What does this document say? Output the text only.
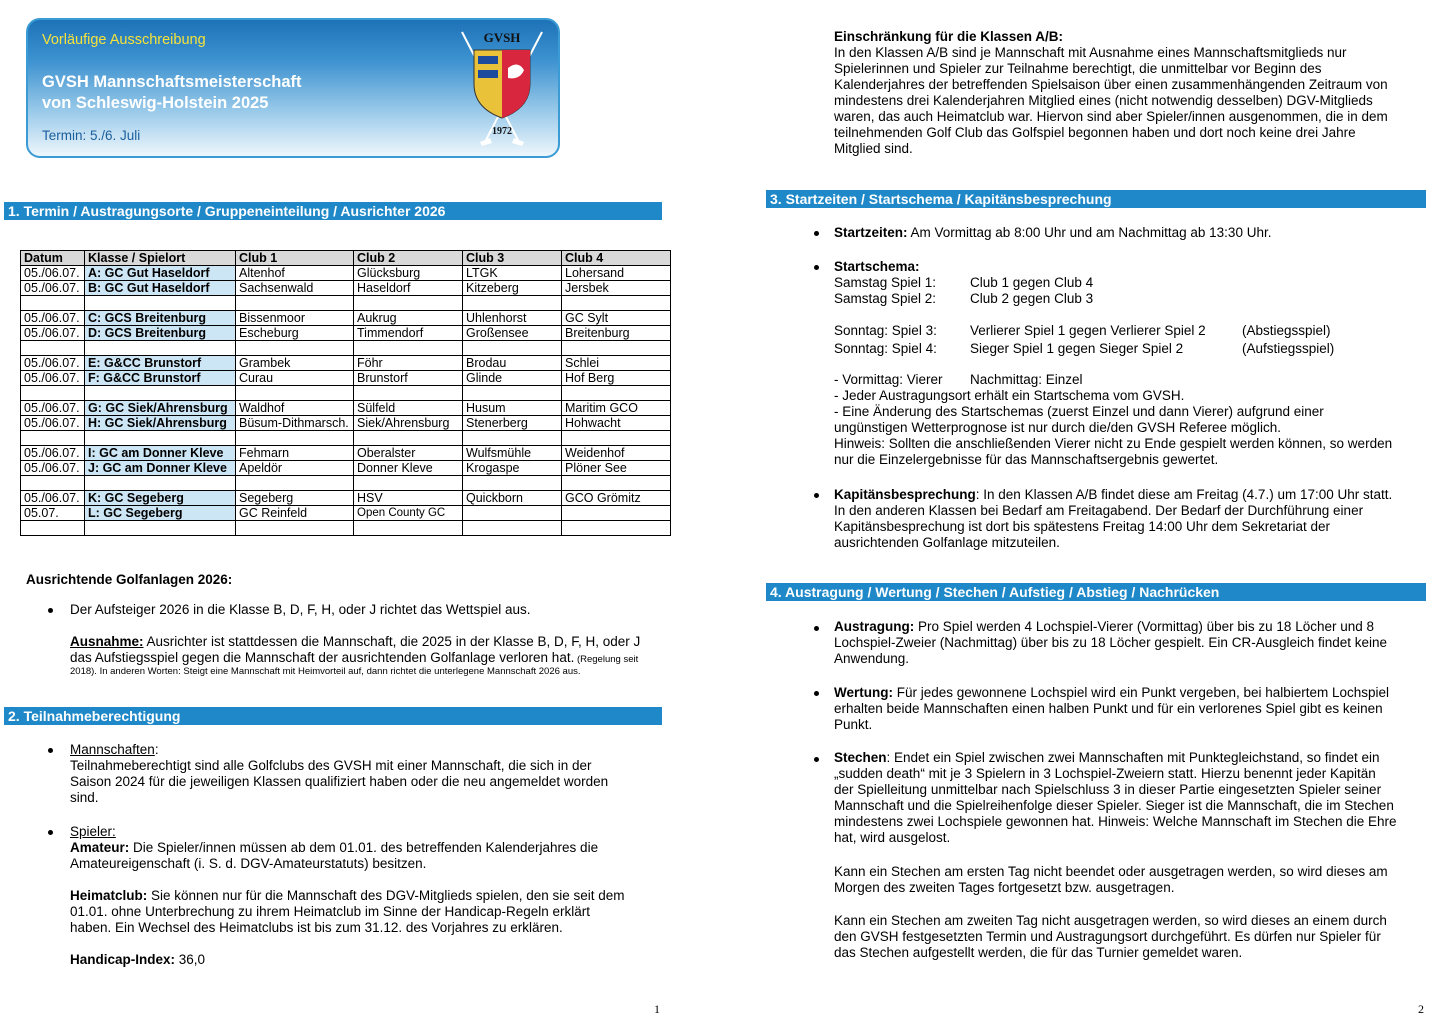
Vorläufige Ausschreibung
GVSH Mannschaftsmeisterschaft
von Schleswig-Holstein 2025
Termin: 5./6. Juli
GVSH
1972
1. Termin / Austragungsorte / Gruppeneinteilung / Ausrichter 2026
Datum	Klasse / Spielort	Club 1	Club 2	Club 3	Club 4
05./06.07.	A: GC Gut Haseldorf	Altenhof	Glücksburg	LTGK	Lohersand
05./06.07.	B: GC Gut Haseldorf	Sachsenwald	Haseldorf	Kitzeberg	Jersbek

05./06.07.	C: GCS Breitenburg	Bissenmoor	Aukrug	Uhlenhorst	GC Sylt
05./06.07.	D: GCS Breitenburg	Escheburg	Timmendorf	Großensee	Breitenburg

05./06.07.	E: G&CC Brunstorf	Grambek	Föhr	Brodau	Schlei
05./06.07.	F: G&CC Brunstorf	Curau	Brunstorf	Glinde	Hof Berg

05./06.07.	G: GC Siek/Ahrensburg	Waldhof	Sülfeld	Husum	Maritim GCO
05./06.07.	H: GC Siek/Ahrensburg	Büsum-Dithmarsch.	Siek/Ahrensburg	Stenerberg	Hohwacht

05./06.07.	I: GC am Donner Kleve	Fehmarn	Oberalster	Wulfsmühle	Weidenhof
05./06.07.	J: GC am Donner Kleve	Apeldör	Donner Kleve	Krogaspe	Plöner See

05./06.07.	K: GC Segeberg	Segeberg	HSV	Quickborn	GCO Grömitz
05.07.	L: GC Segeberg	GC Reinfeld	Open County GC		

Ausrichtende Golfanlagen 2026:
Der Aufsteiger 2026 in die Klasse B, D, F, H, oder J richtet das Wettspiel aus.

Ausnahme: Ausrichter ist stattdessen die Mannschaft, die 2025 in der Klasse B, D, F, H, oder J

das Aufstiegsspiel gegen die Mannschaft der ausrichtenden Golfanlage verloren hat. (Regelung seit

2018). In anderen Worten: Steigt eine Mannschaft mit Heimvorteil auf, dann richtet die unterlegene Mannschaft 2026 aus.

2. Teilnahmeberechtigung

Mannschaften:

Teilnahmeberechtigt sind alle Golfclubs des GVSH mit einer Mannschaft, die sich in der

Saison 2024 für die jeweiligen Klassen qualifiziert haben oder die neu angemeldet worden

sind.

Spieler:

Amateur: Die Spieler/innen müssen ab dem 01.01. des betreffenden Kalenderjahres die

Amateureigenschaft (i. S. d. DGV-Amateurstatuts) besitzen.

Heimatclub: Sie können nur für die Mannschaft des DGV-Mitglieds spielen, den sie seit dem

01.01. ohne Unterbrechung zu ihrem Heimatclub im Sinne der Handicap-Regeln erklärt

haben. Ein Wechsel des Heimatclubs ist bis zum 31.12. des Vorjahres zu erklären.

Handicap-Index: 36,0

1

Einschränkung für die Klassen A/B:

In den Klassen A/B sind je Mannschaft mit Ausnahme eines Mannschaftsmitglieds nur

Spielerinnen und Spieler zur Teilnahme berechtigt, die unmittelbar vor Beginn des

Kalenderjahres der betreffenden Spielsaison über einen zusammenhängenden Zeitraum von

mindestens drei Kalenderjahren Mitglied eines (nicht notwendig desselben) DGV-Mitglieds

waren, das auch Heimatclub war. Hiervon sind aber Spieler/innen ausgenommen, die in dem

teilnehmenden Golf Club das Golfspiel begonnen haben und dort noch keine drei Jahre

Mitglied sind.

3. Startzeiten / Startschema / Kapitänsbesprechung
Startzeiten: Am Vormittag ab 8:00 Uhr und am Nachmittag ab 13:30 Uhr.
Startschema:
Samstag Spiel 1:	Club 1 gegen Club 4
Samstag Spiel 2:	Club 2 gegen Club 3
Sonntag: Spiel 3: Verlierer Spiel 1 gegen Verlierer Spiel 2	(Abstiegsspiel)
Sonntag: Spiel 4: Sieger Spiel 1 gegen Sieger Spiel 2	(Aufstiegsspiel)
- Vormittag: Vierer Nachmittag: Einzel

- Jeder Austragungsort erhält ein Startschema vom GVSH.

- Eine Änderung des Startschemas (zuerst Einzel und dann Vierer) aufgrund einer

ungünstigen Wetterprognose ist nur durch die/den GVSH Referee möglich.

Hinweis: Sollten die anschließenden Vierer nicht zu Ende gespielt werden können, so werden

nur die Einzelergebnisse für das Mannschaftsergebnis gewertet.

Kapitänsbesprechung: In den Klassen A/B findet diese am Freitag (4.7.) um 17:00 Uhr statt.

In den anderen Klassen bei Bedarf am Freitagabend. Der Bedarf der Durchführung einer

Kapitänsbesprechung ist dort bis spätestens Freitag 14:00 Uhr dem Sekretariat der

ausrichtenden Golfanlage mitzuteilen.

4. Austragung / Wertung / Stechen / Aufstieg / Abstieg / Nachrücken

Austragung: Pro Spiel werden 4 Lochspiel-Vierer (Vormittag) über bis zu 18 Löcher und 8

Lochspiel-Zweier (Nachmittag) über bis zu 18 Löcher gespielt. Ein CR-Ausgleich findet keine

Anwendung.

Wertung: Für jedes gewonnene Lochspiel wird ein Punkt vergeben, bei halbiertem Lochspiel

erhalten beide Mannschaften einen halben Punkt und für ein verlorenes Spiel gibt es keinen

Punkt.

Stechen: Endet ein Spiel zwischen zwei Mannschaften mit Punktegleichstand, so findet ein

„sudden death“ mit je 3 Spielern in 3 Lochspiel-Zweiern statt. Hierzu benennt jeder Kapitän

der Spielleitung unmittelbar nach Spielschluss 3 in dieser Partie eingesetzten Spieler seiner

Mannschaft und die Spielreihenfolge dieser Spieler. Sieger ist die Mannschaft, die im Stechen

mindestens zwei Lochspiele gewonnen hat. Hinweis: Welche Mannschaft im Stechen die Ehre

hat, wird ausgelost.

Kann ein Stechen am ersten Tag nicht beendet oder ausgetragen werden, so wird dieses am

Morgen des zweiten Tages fortgesetzt bzw. ausgetragen.

Kann ein Stechen am zweiten Tag nicht ausgetragen werden, so wird dieses an einem durch

den GVSH festgesetzten Termin und Austragungsort durchgeführt. Es dürfen nur Spieler für

das Stechen aufgestellt werden, die für das Turnier gemeldet waren.

2
